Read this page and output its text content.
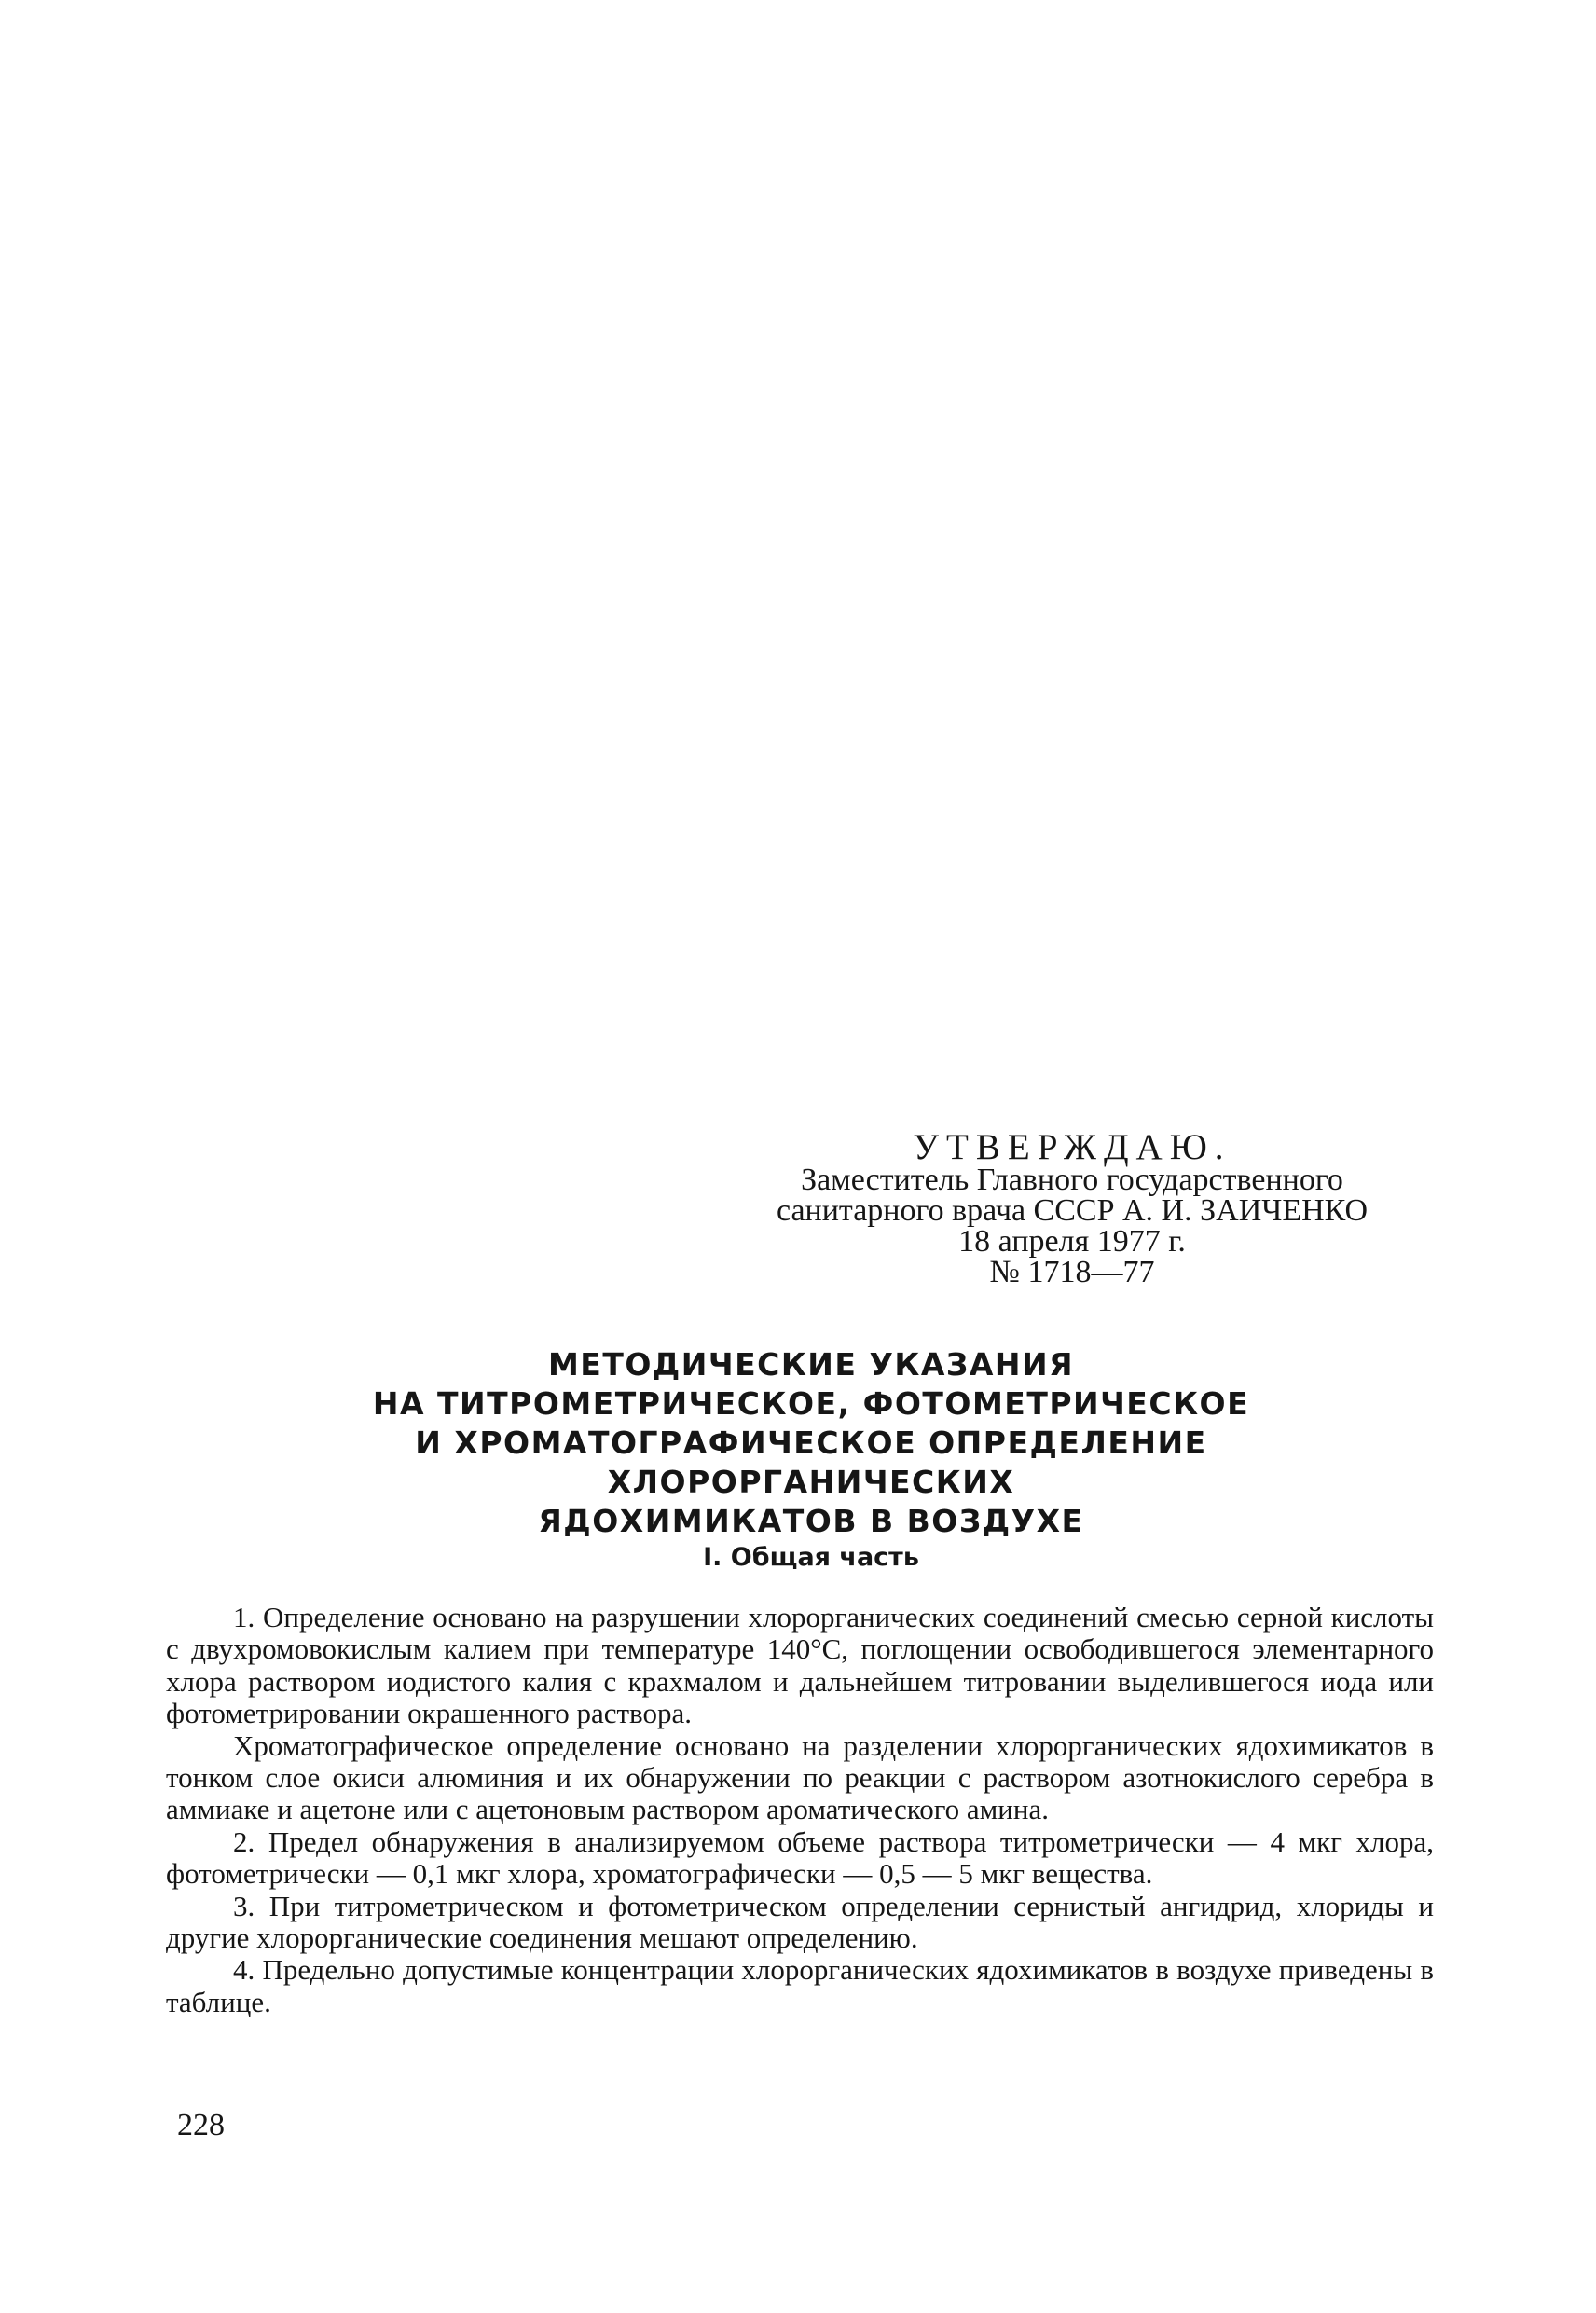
УТВЕРЖДАЮ.
Заместитель Главного государственного
санитарного врача СССР А. И. ЗАИЧЕНКО
18 апреля 1977 г.
№ 1718—77
МЕТОДИЧЕСКИЕ УКАЗАНИЯ
НА ТИТРОМЕТРИЧЕСКОЕ, ФОТОМЕТРИЧЕСКОЕ
И ХРОМАТОГРАФИЧЕСКОЕ ОПРЕДЕЛЕНИЕ ХЛОРОРГАНИЧЕСКИХ
ЯДОХИМИКАТОВ В ВОЗДУХЕ
I. Общая часть

1. Определение основано на разрушении хлорорганических соединений смесью серной кислоты с двухромовокислым калием при температуре 140°С, поглощении освободившегося элементарного хлора раствором иодистого калия с крахмалом и дальнейшем титровании выделившегося иода или фотометрировании окрашенного раствора.

Хроматографическое определение основано на разделении хлорорганических ядохимикатов в тонком слое окиси алюминия и их обнаружении по реакции с раствором азотнокислого серебра в аммиаке и ацетоне или с ацетоновым раствором ароматического амина.

2. Предел обнаружения в анализируемом объеме раствора титрометрически — 4 мкг хлора, фотометрически — 0,1 мкг хлора, хроматографически — 0,5 — 5 мкг вещества.

3. При титрометрическом и фотометрическом определении сернистый ангидрид, хлориды и другие хлорорганические соединения мешают определению.

4. Предельно допустимые концентрации хлорорганических ядохимикатов в воздухе приведены в таблице.

228
